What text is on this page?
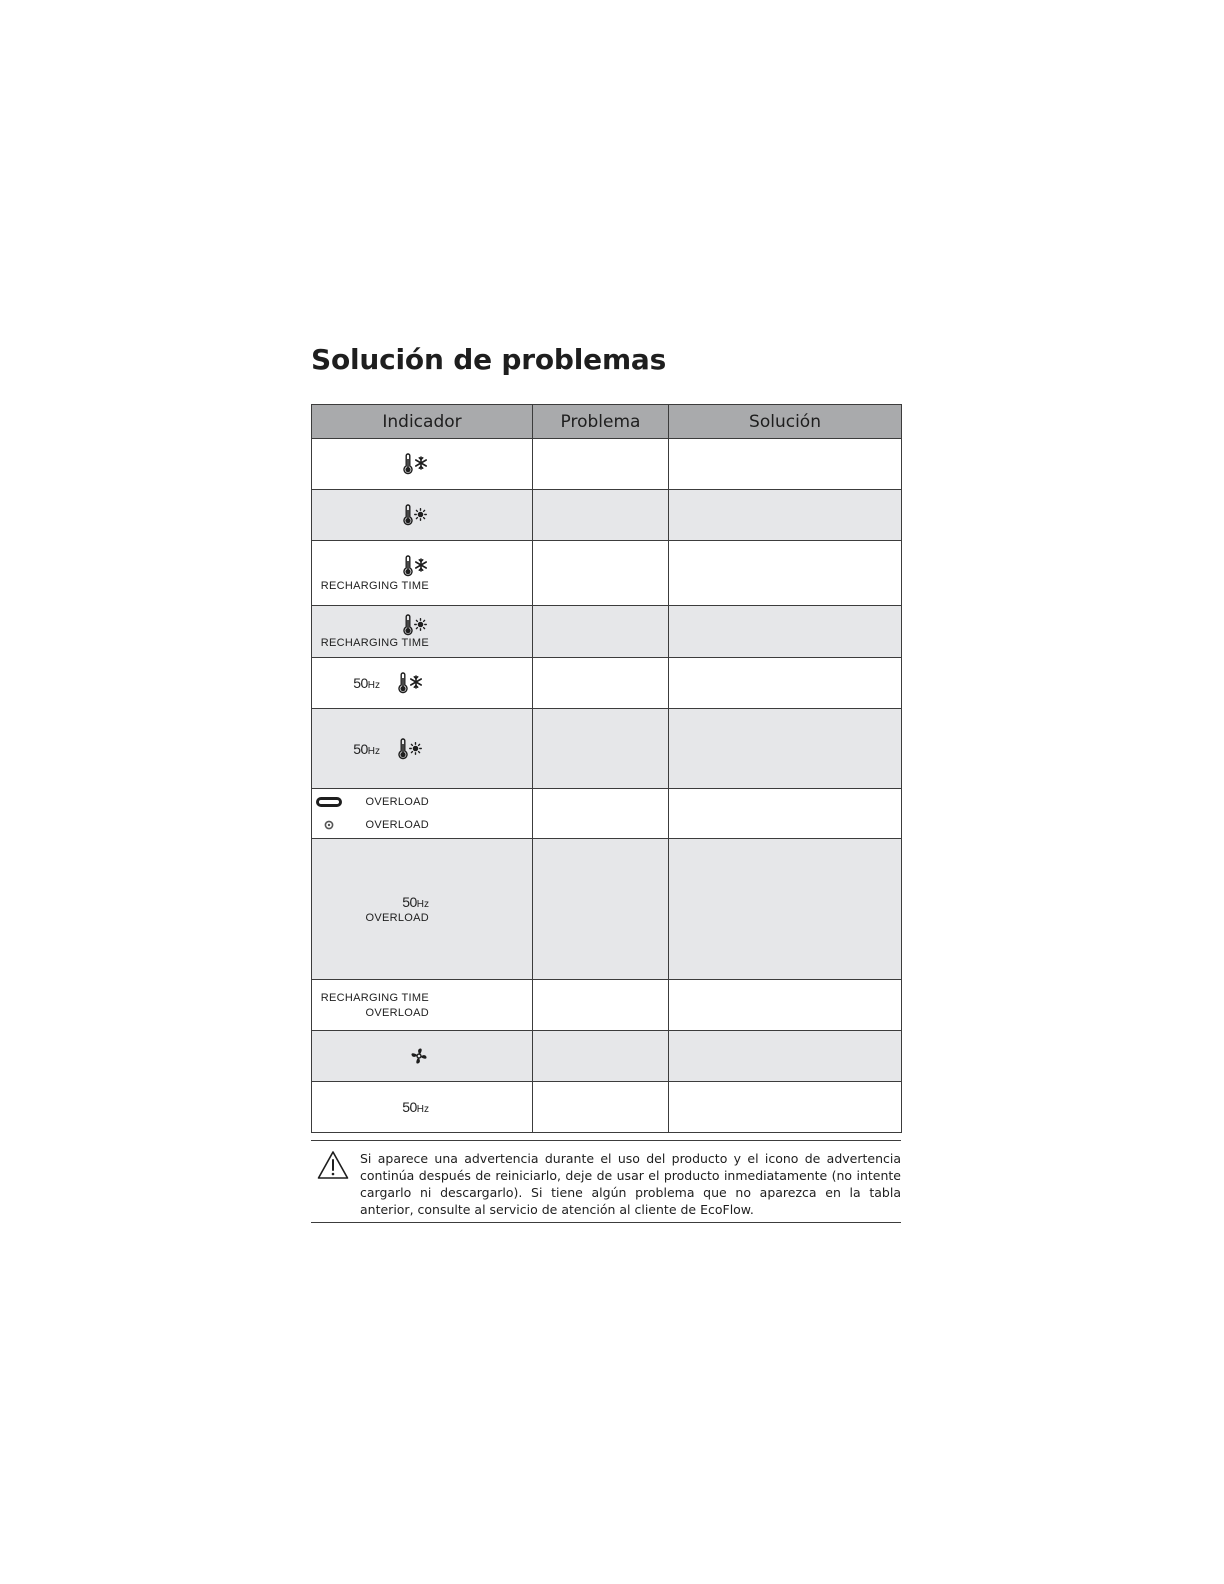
Solución de problemas
Indicador	Problema	Solución

RECHARGING TIME		

RECHARGING TIME		

50Hz		

50Hz		

OVERLOAD
OVERLOAD		

50Hz
OVERLOAD		

RECHARGING TIME
OVERLOAD		

50Hz		

Si aparece una advertencia durante el uso del producto y el icono de advertencia continúa después de reiniciarlo, deje de usar el producto inmediatamente (no intente cargarlo ni descargarlo). Si tiene algún problema que no aparezca en la tabla anterior, consulte al servicio de atención al cliente de EcoFlow.
